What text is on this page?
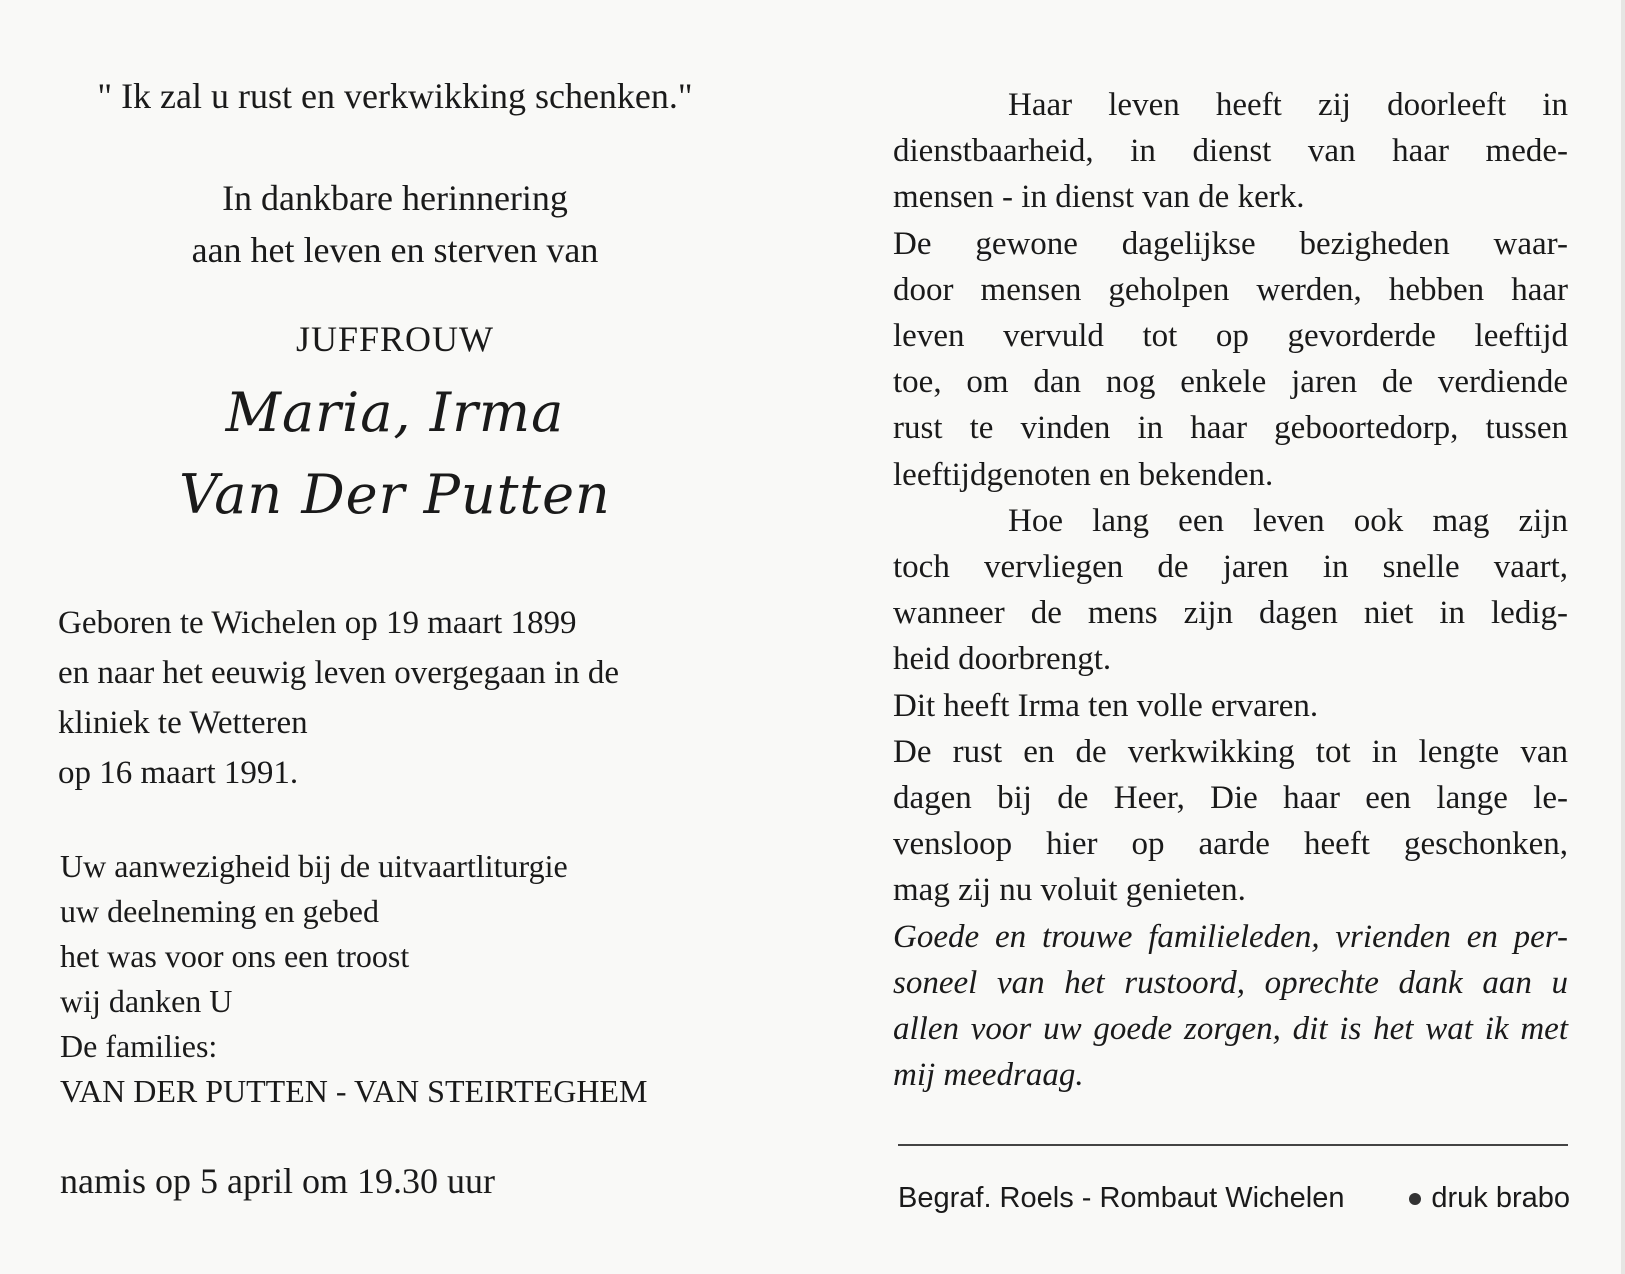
" Ik zal u rust en verkwikking schenken."
In dankbare herinnering
aan het leven en sterven van
JUFFROUW
Maria, Irma
Van Der Putten
Geboren te Wichelen op 19 maart 1899
en naar het eeuwig leven overgegaan in de
kliniek te Wetteren
op 16 maart 1991.
Uw aanwezigheid bij de uitvaartliturgie
uw deelneming en gebed
het was voor ons een troost
wij danken U
De families:
VAN DER PUTTEN - VAN STEIRTEGHEM
namis op 5 april om 19.30 uur
Haar leven heeft zij doorleeft in
dienstbaarheid, in dienst van haar mede-
mensen - in dienst van de kerk.
De gewone dagelijkse bezigheden waar-
door mensen geholpen werden, hebben haar
leven vervuld tot op gevorderde leeftijd
toe, om dan nog enkele jaren de verdiende
rust te vinden in haar geboortedorp, tussen
leeftijdgenoten en bekenden.
Hoe lang een leven ook mag zijn
toch vervliegen de jaren in snelle vaart,
wanneer de mens zijn dagen niet in ledig-
heid doorbrengt.
Dit heeft Irma ten volle ervaren.
De rust en de verkwikking tot in lengte van
dagen bij de Heer, Die haar een lange le-
vensloop hier op aarde heeft geschonken,
mag zij nu voluit genieten.
Goede en trouwe familieleden, vrienden en per-
soneel van het rustoord, oprechte dank aan u
allen voor uw goede zorgen, dit is het wat ik met
mij meedraag.
Begraf. Roels - Rombaut Wichelen	druk brabo
